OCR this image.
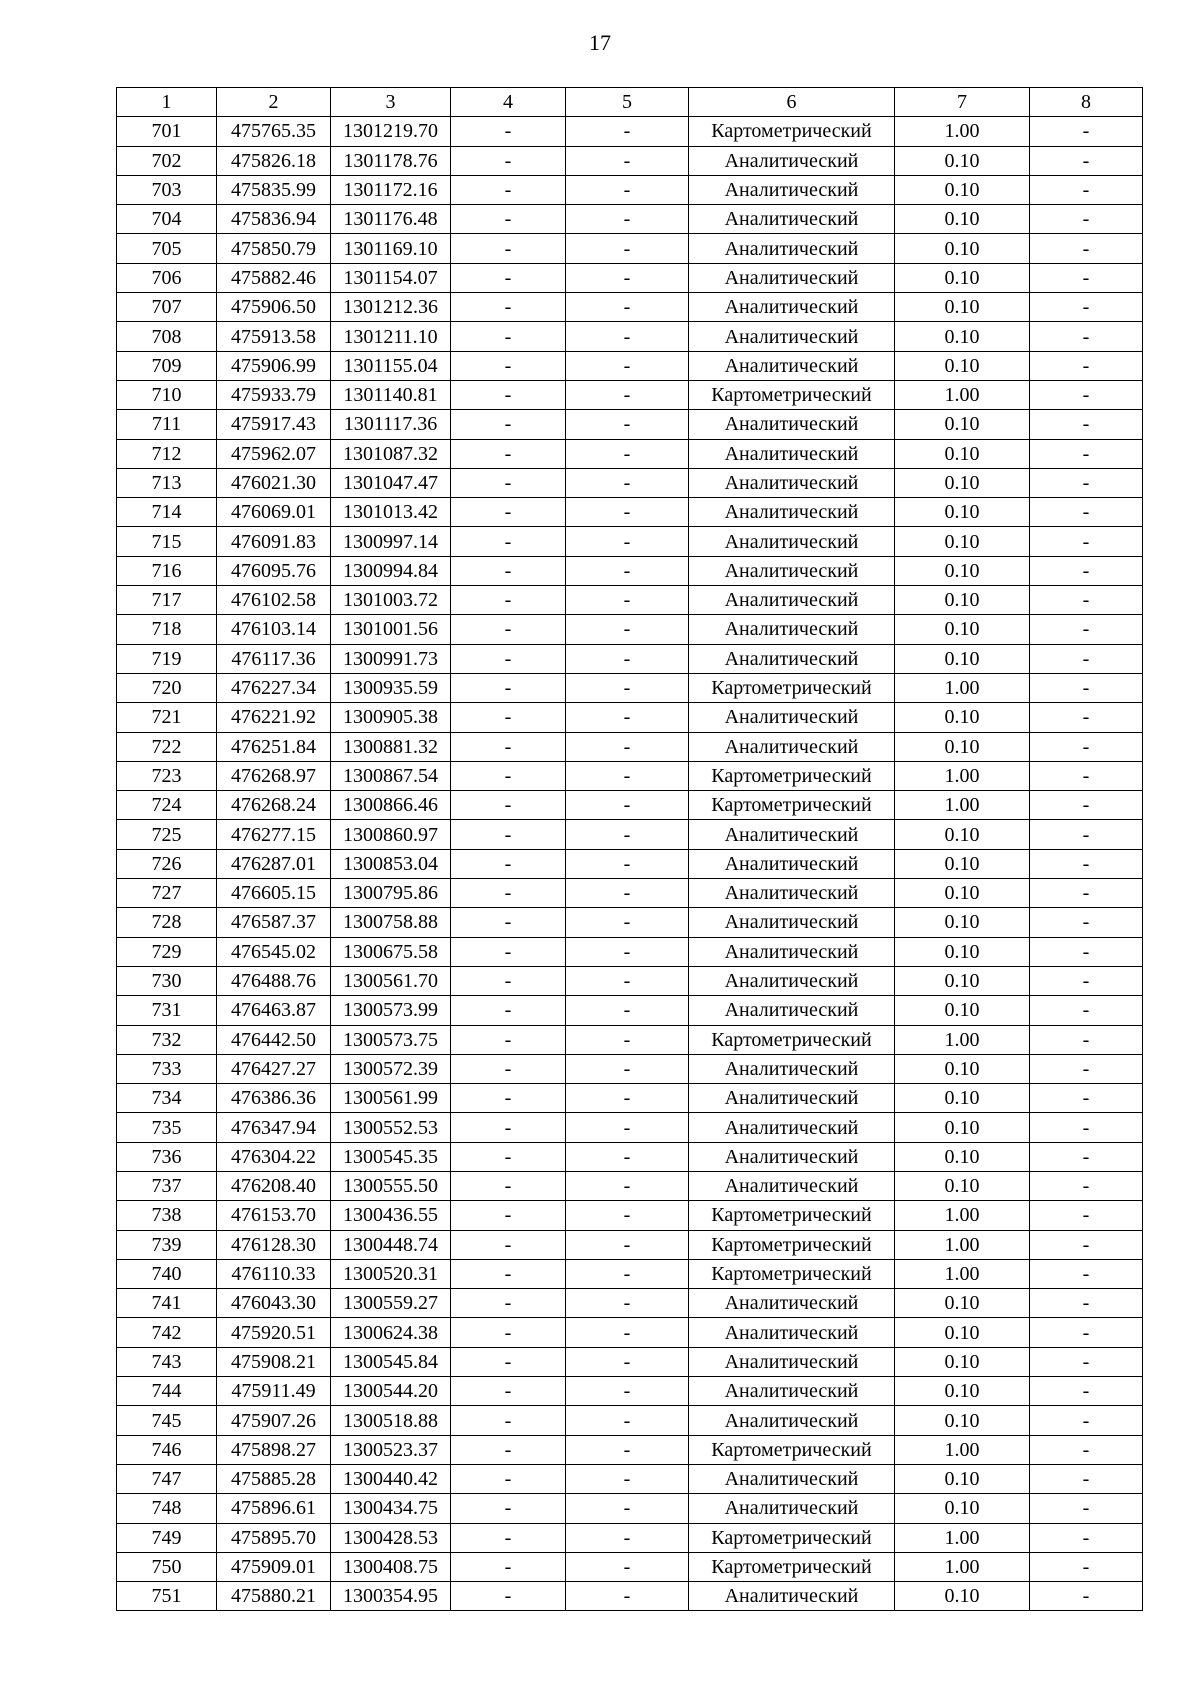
17
1	2	3	4	5	6	7	8
701	475765.35	1301219.70	-	-	Картометрический	1.00	-
702	475826.18	1301178.76	-	-	Аналитический	0.10	-
703	475835.99	1301172.16	-	-	Аналитический	0.10	-
704	475836.94	1301176.48	-	-	Аналитический	0.10	-
705	475850.79	1301169.10	-	-	Аналитический	0.10	-
706	475882.46	1301154.07	-	-	Аналитический	0.10	-
707	475906.50	1301212.36	-	-	Аналитический	0.10	-
708	475913.58	1301211.10	-	-	Аналитический	0.10	-
709	475906.99	1301155.04	-	-	Аналитический	0.10	-
710	475933.79	1301140.81	-	-	Картометрический	1.00	-
711	475917.43	1301117.36	-	-	Аналитический	0.10	-
712	475962.07	1301087.32	-	-	Аналитический	0.10	-
713	476021.30	1301047.47	-	-	Аналитический	0.10	-
714	476069.01	1301013.42	-	-	Аналитический	0.10	-
715	476091.83	1300997.14	-	-	Аналитический	0.10	-
716	476095.76	1300994.84	-	-	Аналитический	0.10	-
717	476102.58	1301003.72	-	-	Аналитический	0.10	-
718	476103.14	1301001.56	-	-	Аналитический	0.10	-
719	476117.36	1300991.73	-	-	Аналитический	0.10	-
720	476227.34	1300935.59	-	-	Картометрический	1.00	-
721	476221.92	1300905.38	-	-	Аналитический	0.10	-
722	476251.84	1300881.32	-	-	Аналитический	0.10	-
723	476268.97	1300867.54	-	-	Картометрический	1.00	-
724	476268.24	1300866.46	-	-	Картометрический	1.00	-
725	476277.15	1300860.97	-	-	Аналитический	0.10	-
726	476287.01	1300853.04	-	-	Аналитический	0.10	-
727	476605.15	1300795.86	-	-	Аналитический	0.10	-
728	476587.37	1300758.88	-	-	Аналитический	0.10	-
729	476545.02	1300675.58	-	-	Аналитический	0.10	-
730	476488.76	1300561.70	-	-	Аналитический	0.10	-
731	476463.87	1300573.99	-	-	Аналитический	0.10	-
732	476442.50	1300573.75	-	-	Картометрический	1.00	-
733	476427.27	1300572.39	-	-	Аналитический	0.10	-
734	476386.36	1300561.99	-	-	Аналитический	0.10	-
735	476347.94	1300552.53	-	-	Аналитический	0.10	-
736	476304.22	1300545.35	-	-	Аналитический	0.10	-
737	476208.40	1300555.50	-	-	Аналитический	0.10	-
738	476153.70	1300436.55	-	-	Картометрический	1.00	-
739	476128.30	1300448.74	-	-	Картометрический	1.00	-
740	476110.33	1300520.31	-	-	Картометрический	1.00	-
741	476043.30	1300559.27	-	-	Аналитический	0.10	-
742	475920.51	1300624.38	-	-	Аналитический	0.10	-
743	475908.21	1300545.84	-	-	Аналитический	0.10	-
744	475911.49	1300544.20	-	-	Аналитический	0.10	-
745	475907.26	1300518.88	-	-	Аналитический	0.10	-
746	475898.27	1300523.37	-	-	Картометрический	1.00	-
747	475885.28	1300440.42	-	-	Аналитический	0.10	-
748	475896.61	1300434.75	-	-	Аналитический	0.10	-
749	475895.70	1300428.53	-	-	Картометрический	1.00	-
750	475909.01	1300408.75	-	-	Картометрический	1.00	-
751	475880.21	1300354.95	-	-	Аналитический	0.10	-
